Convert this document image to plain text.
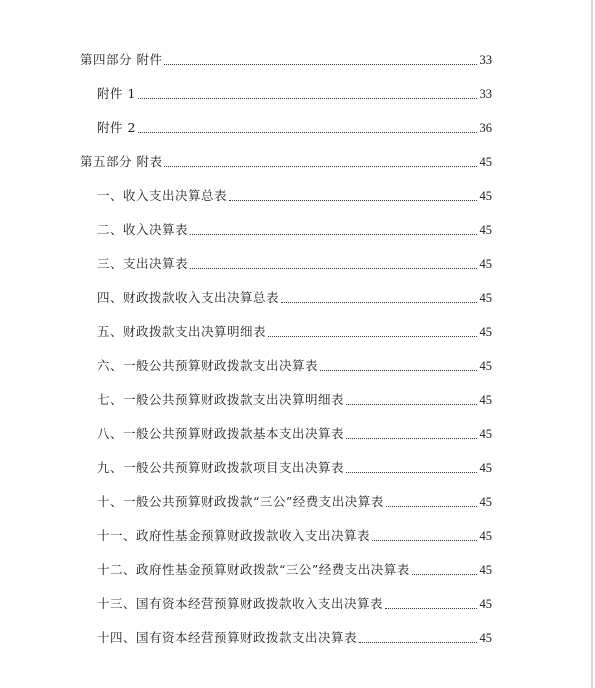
第四部分 附件	33
附件 1	33
附件 2	36
第五部分 附表	45
一、收入支出决算总表	45
二、收入决算表	45
三、支出决算表	45
四、财政拨款收入支出决算总表	45
五、财政拨款支出决算明细表	45
六、一般公共预算财政拨款支出决算表	45
七、一般公共预算财政拨款支出决算明细表	45
八、一般公共预算财政拨款基本支出决算表	45
九、一般公共预算财政拨款项目支出决算表	45
十、一般公共预算财政拨款“三公”经费支出决算表	45
十一、政府性基金预算财政拨款收入支出决算表	45
十二、政府性基金预算财政拨款“三公”经费支出决算表	45
十三、国有资本经营预算财政拨款收入支出决算表	45
十四、国有资本经营预算财政拨款支出决算表	45
